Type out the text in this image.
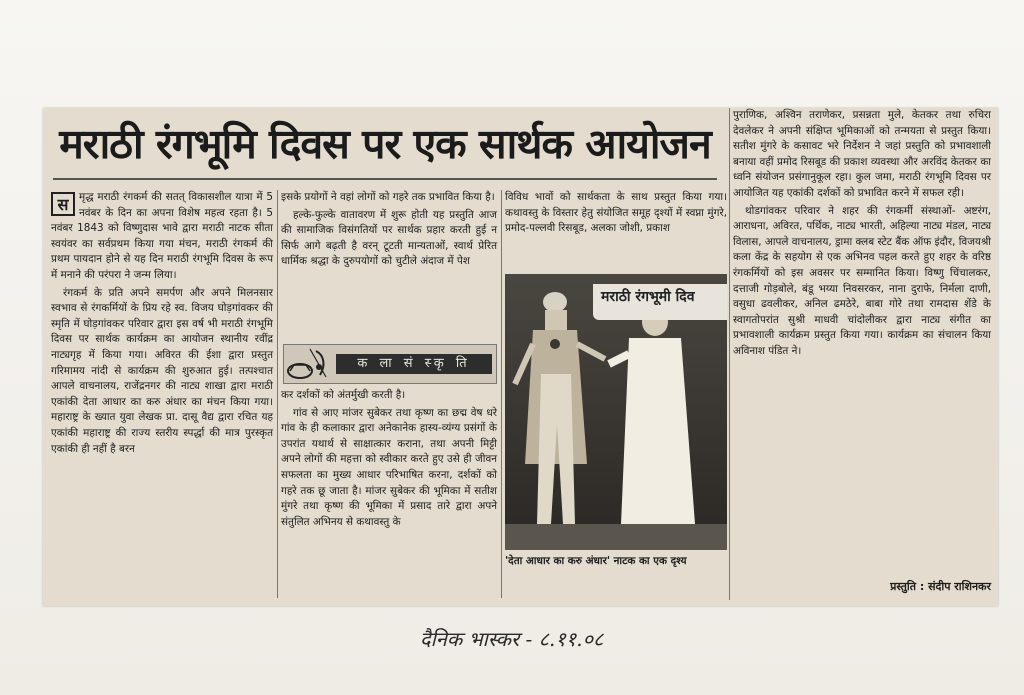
मराठी रंगभूमि दिवस पर एक सार्थक आयोजन
स	मृद्ध मराठी रंगकर्म की सतत् विकासशील यात्रा में 5 नवंबर के दिन का अपना विशेष महत्व रहता है। 5 नवंबर 1843 को विष्णुदास भावे द्वारा मराठी नाटक सीता स्वयंवर का सर्वप्रथम किया गया मंचन, मराठी रंगकर्म की प्रथम पायदान होने से यह दिन मराठी रंगभूमि दिवस के रूप में मनाने की परंपरा ने जन्म लिया।

रंगकर्म के प्रति अपने समर्पण और अपने मिलनसार स्वभाव से रंगकर्मियों के प्रिय रहे स्व. विजय घोड़गांवकर की स्मृति में घोड़गांवकर परिवार द्वारा इस वर्ष भी मराठी रंगभूमि दिवस पर सार्थक कार्यक्रम का आयोजन स्थानीय रवींद्र नाट्यगृह में किया गया। अविरत की ईशा द्वारा प्रस्तुत गरिमामय नांदी से कार्यक्रम की शुरुआत हुई। तत्पश्चात आपले वाचनालय, राजेंद्रनगर की नाट्य शाखा द्वारा मराठी एकांकी देता आधार का करु अंधार का मंचन किया गया। महाराष्ट्र के ख्यात युवा लेखक प्रा. दासू वैद्य द्वारा रचित यह एकांकी महाराष्ट्र की राज्य स्तरीय स्पर्द्धा की मात्र पुरस्कृत एकांकी ही नहीं है बरन

इसके प्रयोगों ने वहां लोगों को गहरे तक प्रभावित किया है।

हल्के-फुल्के वातावरण में शुरू होती यह प्रस्तुति आज की सामाजिक विसंगतियों पर सार्थक प्रहार करती हुई न सिर्फ आगे बढ़ती है वरन् टूटती मान्यताओं, स्वार्थ प्रेरित धार्मिक श्रद्धा के दुरुपयोगों को चुटीले अंदाज में पेश

क ला सं स्कृ ति

कर दर्शकों को अंतर्मुखी करती है।

गांव से आए मांजर सुबेकर तथा कृष्ण का छद्म वेष धरे गांव के ही कलाकार द्वारा अनेकानेक हास्य-व्यंग्य प्रसंगों के उपरांत यथार्थ से साक्षात्कार कराना, तथा अपनी मिट्टी अपने लोगों की महत्ता को स्वीकार करते हुए उसे ही जीवन सफलता का मुख्य आधार परिभाषित करना, दर्शकों को गहरे तक छू जाता है। मांजर सुबेकर की भूमिका में सतीश मुंगरे तथा कृष्ण की भूमिका में प्रसाद तारे द्वारा अपने संतुलित अभिनय से कथावस्तु के

विविध भावों को सार्थकता के साथ प्रस्तुत किया गया। कथावस्तु के विस्तार हेतु संयोजित समूह दृश्यों में स्वप्ना मुंगरे, प्रमोद-पल्लवी रिसबूड, अलका जोशी, प्रकाश

मराठी रंगभूमी दिव
'देता आधार का करु अंधार' नाटक का एक दृश्य

पुराणिक, अश्विन तराणेकर, प्रसन्नता मुले, केतकर तथा रुचिरा देवलेकर ने अपनी संक्षिप्त भूमिकाओं को तन्मयता से प्रस्तुत किया। सतीश मुंगरे के कसावट भरे निर्देशन ने जहां प्रस्तुति को प्रभावशाली बनाया वहीं प्रमोद रिसबूड की प्रकाश व्यवस्था और अरविंद केतकर का ध्वनि संयोजन प्रसंगानुकूल रहा। कुल जमा, मराठी रंगभूमि दिवस पर आयोजित यह एकांकी दर्शकों को प्रभावित करने में सफल रही।

थोडगांवकर परिवार ने शहर की रंगकर्मी संस्थाओं- अष्टरंग, आराधना, अविरत, पर्थिक, नाट्य भारती, अहिल्या नाट्य मंडल, नाट्य विलास, आपले वाचनालय, ड्रामा क्लब स्टेट बैंक ऑफ इंदौर, विजयश्री कला केंद्र के सहयोग से एक अभिनव पहल करते हुए शहर के वरिष्ठ रंगकर्मियों को इस अवसर पर सम्मानित किया। विष्णु चिंचालकर, दत्ताजी गोड़बोले, बंडू भय्या निवसरकर, नाना दुराफे, निर्मला दाणी, वसुधा ढवलीकर, अनिल ढमठेरे, बाबा गोरे तथा रामदास शेंडे के स्वागतोपरांत सुश्री माधवी चांदोलीकर द्वारा नाट्य संगीत का प्रभावशाली कार्यक्रम प्रस्तुत किया गया। कार्यक्रम का संचालन किया अविनाश पंडित ने।

प्रस्तुति : संदीप राशिनकर
दैनिक भास्कर - ८.११.०८
